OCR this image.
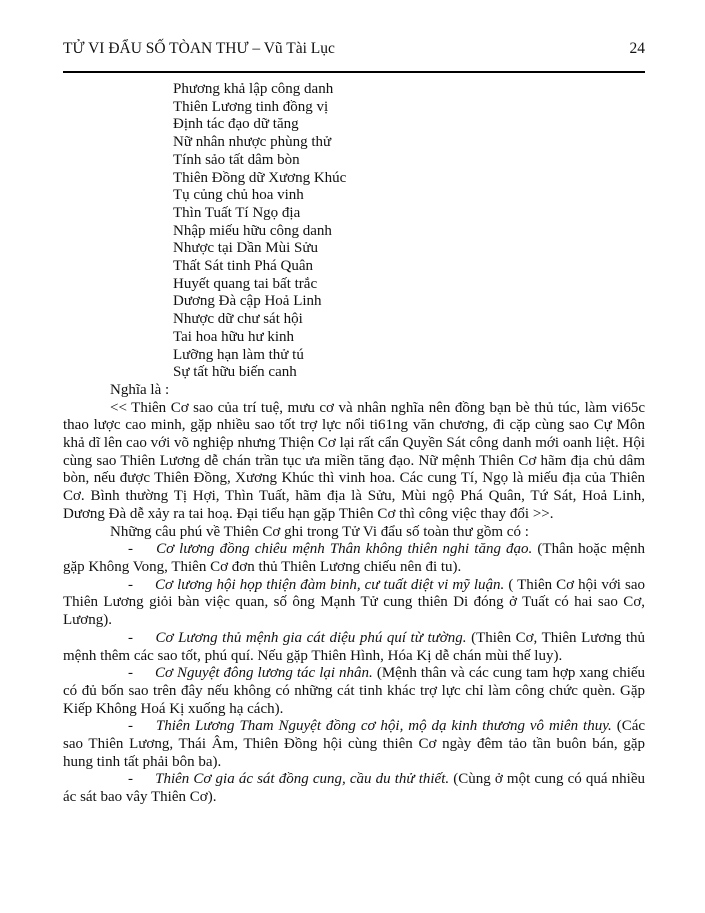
TỬ VI ĐẨU SỐ TÒAN THƯ – Vũ Tài Lục	24
Phương khả lập công danh
Thiên Lương tinh đồng vị
Định tác đạo dữ tăng
Nữ nhân nhược phùng thử
Tính sảo tất dâm bòn
Thiên Đồng dữ Xương Khúc
Tụ củng chủ hoa vinh
Thìn Tuất Tí Ngọ địa
Nhập miếu hữu công danh
Nhược tại Dần Mùi Sửu
Thất Sát tinh Phá Quân
Huyết quang tai bất trắc
Dương Đà cập Hoả Linh
Nhược dữ chư sát hội
Tai hoa hữu hư kinh
Lưỡng hạn làm thử tú
Sự tất hữu biến canh

Nghĩa là :

<< Thiên Cơ sao của trí tuệ, mưu cơ và nhân nghĩa nên đồng bạn bè thủ túc, làm vi65c thao lược cao minh, gặp nhiều sao tốt trợ lực nổi ti61ng văn chương, đi cặp cùng sao Cự Môn khả dĩ lên cao với võ nghiệp nhưng Thiện Cơ lại rất cẩn Quyền Sát công danh mới oanh liệt. Hội cùng sao Thiên Lương dễ chán trần tục ưa miền tăng đạo. Nữ mệnh Thiên Cơ hãm địa chủ dâm bòn, nếu được Thiên Đồng, Xương Khúc thì vinh hoa. Các cung Tí, Ngọ là miếu địa của Thiên Cơ. Bình thường Tị Hợi, Thìn Tuất, hãm địa là Sửu, Mùi ngộ Phá Quân, Tứ Sát, Hoả Linh, Dương Đà dễ xảy ra tai hoạ. Đại tiểu hạn gặp Thiên Cơ thì công việc thay đổi >>.

Những câu phú về Thiên Cơ ghi trong Tử Vi đẩu số toàn thư gồm có :

- Cơ lương đồng chiêu mệnh Thân không thiên nghi tăng đạo. (Thân hoặc mệnh gặp Không Vong, Thiên Cơ đơn thủ Thiên Lương chiếu nên đi tu).

- Cơ lương hội họp thiện đàm binh, cư tuất diệt vi mỹ luận. ( Thiên Cơ hội với sao Thiên Lương giỏi bàn việc quan, số ông Mạnh Tử cung thiên Di đóng ở Tuất có hai sao Cơ, Lương).

- Cơ Lương thủ mệnh gia cát diệu phú quí từ tường. (Thiên Cơ, Thiên Lương thủ mệnh thêm các sao tốt, phú quí. Nếu gặp Thiên Hình, Hóa Kị dễ chán mùi thế luy).

- Cơ Nguyệt đông lương tác lại nhân. (Mệnh thân và các cung tam hợp xang chiếu có đủ bốn sao trên đây nếu không có những cát tinh khác trợ lực chỉ làm công chức quèn. Gặp Kiếp Không Hoá Kị xuống hạ cách).

- Thiên Lương Tham Nguyệt đồng cơ hội, mộ dạ kinh thương vô miên thuy. (Các sao Thiên Lương, Thái Âm, Thiên Đồng hội cùng thiên Cơ ngày đêm tảo tần buôn bán, gặp hung tinh tất phải bôn ba).

- Thiên Cơ gia ác sát đồng cung, cầu du thử thiết. (Cùng ở một cung có quá nhiều ác sát bao vây Thiên Cơ).
